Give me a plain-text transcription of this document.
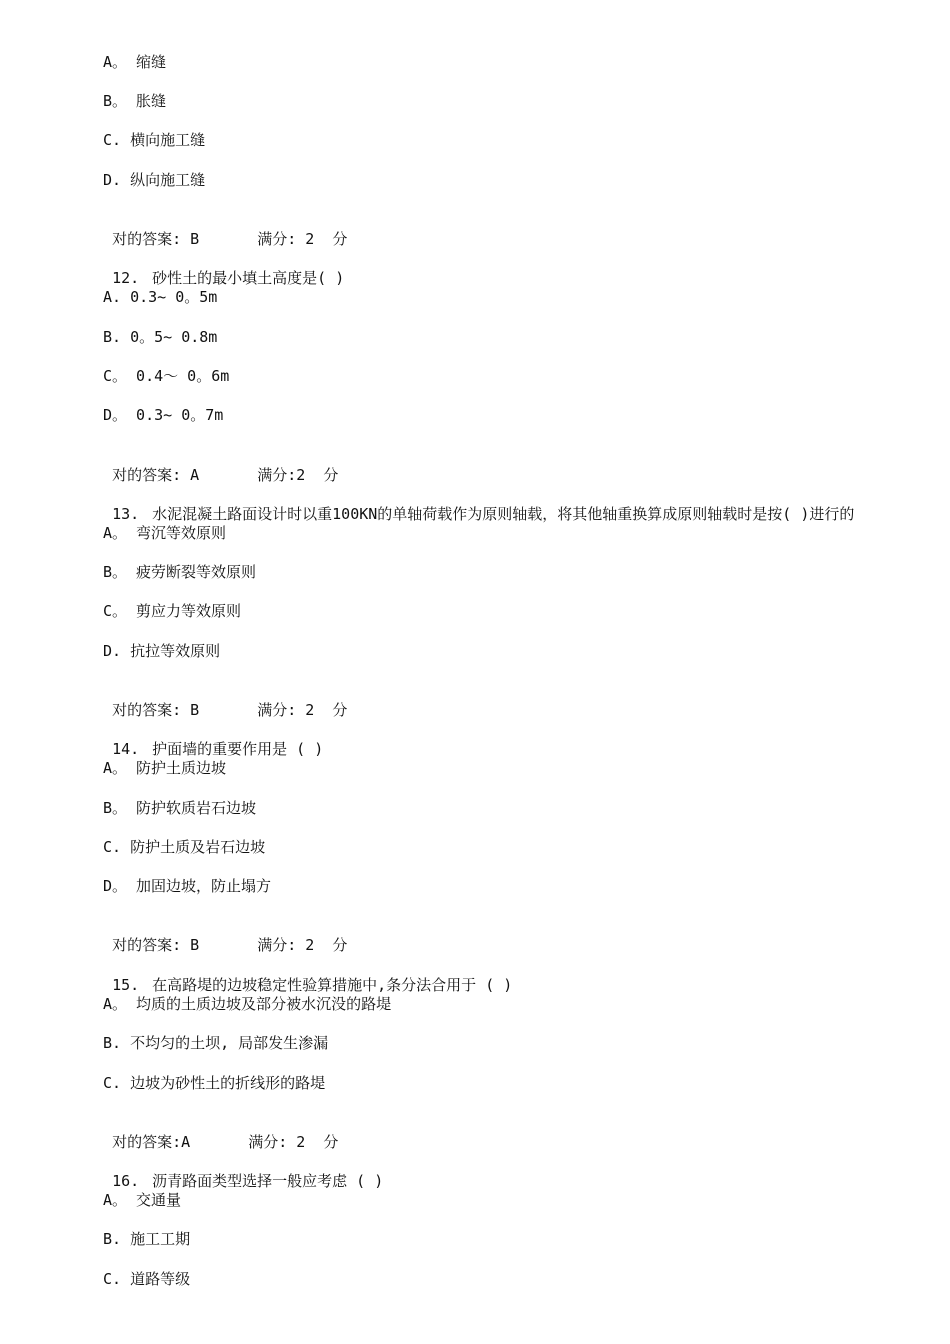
A。 缩缝
B。 胀缝
C. 横向施工缝
D. 纵向施工缝

对的答案: B	满分: 2  分

12. 砂性土的最小填土高度是( )

A. 0.3~ 0。5m
B. 0。5~ 0.8m
C。 0.4～ 0。6m
D。 0.3~ 0。7m

对的答案: A	满分:2  分

13. 水泥混凝土路面设计时以重100KN的单轴荷载作为原则轴载，将其他轴重换算成原则轴载时是按( )进行的

A。 弯沉等效原则
B。 疲劳断裂等效原则
C。 剪应力等效原则
D. 抗拉等效原则

对的答案: B	满分: 2  分

14. 护面墙的重要作用是 ( )

A。 防护土质边坡
B。 防护软质岩石边坡
C. 防护土质及岩石边坡
D。 加固边坡，防止塌方

对的答案: B	满分: 2  分

15. 在高路堤的边坡稳定性验算措施中,条分法合用于 ( )

A。 均质的土质边坡及部分被水沉没的路堤
B. 不均匀的土坝, 局部发生渗漏
C. 边坡为砂性土的折线形的路堤

对的答案:A	满分: 2  分

16. 沥青路面类型选择一般应考虑 ( )

A。 交通量
B. 施工工期
C. 道路等级
